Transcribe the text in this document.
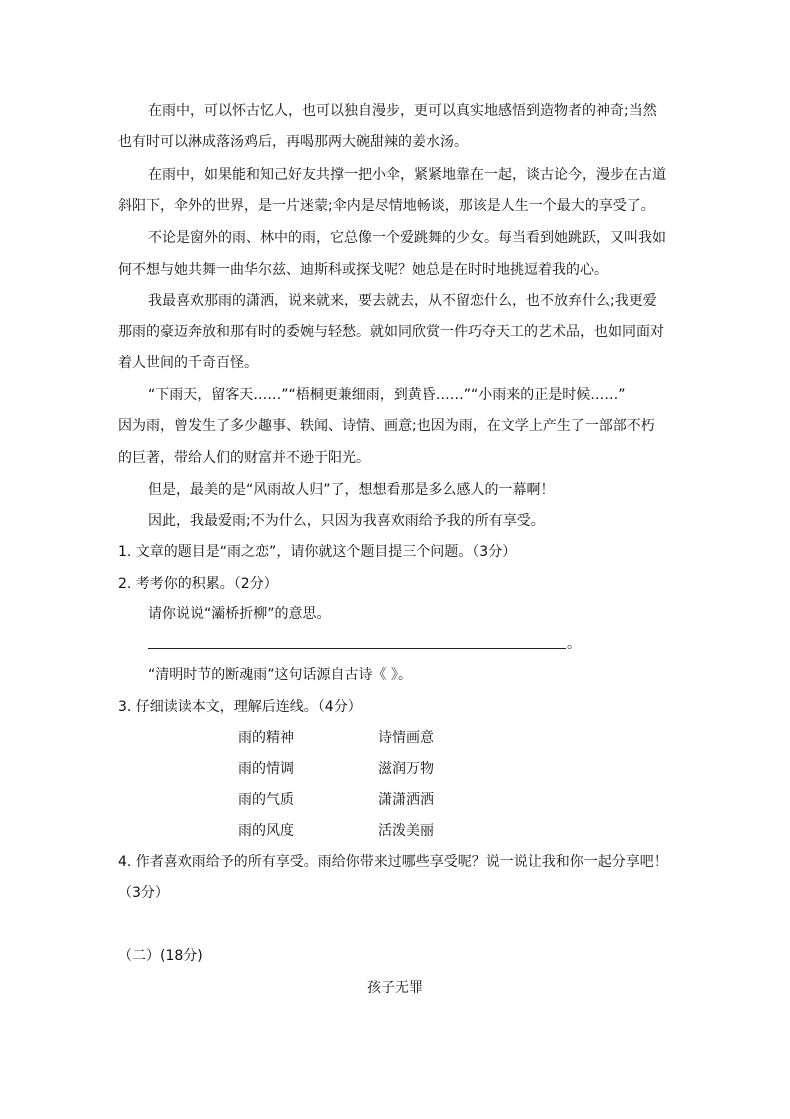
在雨中，可以怀古忆人，也可以独自漫步，更可以真实地感悟到造物者的神奇;当然
也有时可以淋成落汤鸡后，再喝那两大碗甜辣的姜水汤。
在雨中，如果能和知己好友共撑一把小伞，紧紧地靠在一起，谈古论今，漫步在古道
斜阳下，伞外的世界，是一片迷蒙;伞内是尽情地畅谈，那该是人生一个最大的享受了。
不论是窗外的雨、林中的雨，它总像一个爱跳舞的少女。每当看到她跳跃，又叫我如
何不想与她共舞一曲华尔兹、迪斯科或探戈呢？她总是在时时地挑逗着我的心。
我最喜欢那雨的潇洒，说来就来，要去就去，从不留恋什么，也不放弃什么;我更爱
那雨的豪迈奔放和那有时的委婉与轻愁。就如同欣赏一件巧夺天工的艺术品，也如同面对
着人世间的千奇百怪。
“下雨天，留客天……”“梧桐更兼细雨，到黄昏……”“小雨来的正是时候……”
因为雨，曾发生了多少趣事、轶闻、诗情、画意;也因为雨，在文学上产生了一部部不朽
的巨著，带给人们的财富并不逊于阳光。
但是，最美的是“风雨故人归”了，想想看那是多么感人的一幕啊！
因此，我最爱雨;不为什么，只因为我喜欢雨给予我的所有享受。
1. 文章的题目是“雨之恋”，请你就这个题目提三个问题。（3分）
2. 考考你的积累。（2分）
请你说说“灞桥折柳”的意思。
。
“清明时节的断魂雨”这句话源自古诗《 》。
3. 仔细读读本文，理解后连线。（4分）
雨的精神	诗情画意
雨的情调	滋润万物
雨的气质	潇潇洒洒
雨的风度	活泼美丽
4. 作者喜欢雨给予的所有享受。雨给你带来过哪些享受呢？说一说让我和你一起分享吧！
（3分）
（二）(18分)
孩子无罪
